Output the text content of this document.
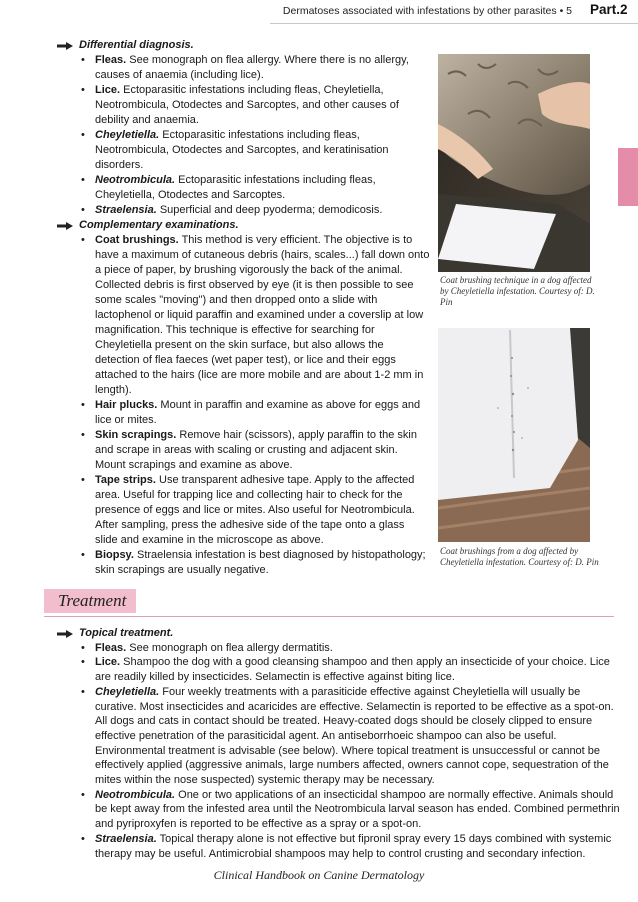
Dermatoses associated with infestations by other parasites • 5 Part.2
Differential diagnosis.
• Fleas. See monograph on flea allergy. Where there is no allergy, causes of anaemia (including lice).
• Lice. Ectoparasitic infestations including fleas, Cheyletiella, Neotrombicula, Otodectes and Sarcoptes, and other causes of debility and anaemia.
• Cheyletiella. Ectoparasitic infestations including fleas, Neotrombicula, Otodectes and Sarcoptes, and keratinisation disorders.
• Neotrombicula. Ectoparasitic infestations including fleas, Cheyletiella, Otodectes and Sarcoptes.
• Straelensia. Superficial and deep pyoderma; demodicosis.
Complementary examinations.
• Coat brushings. This method is very efficient. The objective is to have a maximum of cutaneous debris (hairs, scales...) fall down onto a piece of paper, by brushing vigorously the back of the animal. Collected debris is first observed by eye (it is then possible to see some scales "moving") and then dropped onto a slide with lactophenol or liquid paraffin and examined under a coverslip at low magnification. This technique is effective for searching for Cheyletiella present on the skin surface, but also allows the detection of flea faeces (wet paper test), or lice and their eggs attached to the hairs (lice are more mobile and are about 1-2 mm in length).
• Hair plucks. Mount in paraffin and examine as above for eggs and lice or mites.
• Skin scrapings. Remove hair (scissors), apply paraffin to the skin and scrape in areas with scaling or crusting and adjacent skin. Mount scrapings and examine as above.
• Tape strips. Use transparent adhesive tape. Apply to the affected area. Useful for trapping lice and collecting hair to check for the presence of eggs and lice or mites. Also useful for Neotrombicula. After sampling, press the adhesive side of the tape onto a glass slide and examine in the microscope as above.
• Biopsy. Straelensia infestation is best diagnosed by histopathology; skin scrapings are usually negative.
Coat brushing technique in a dog affected by Cheyletiella infestation. Courtesy of: D. Pin
Coat brushings from a dog affected by Cheyletiella infestation. Courtesy of: D. Pin
Treatment
Topical treatment.
• Fleas. See monograph on flea allergy dermatitis.
• Lice. Shampoo the dog with a good cleansing shampoo and then apply an insecticide of your choice. Lice are readily killed by insecticides. Selamectin is effective against biting lice.
• Cheyletiella. Four weekly treatments with a parasiticide effective against Cheyletiella will usually be curative. Most insecticides and acaricides are effective. Selamectin is reported to be effective as a spot-on. All dogs and cats in contact should be treated. Heavy-coated dogs should be closely clipped to ensure effective penetration of the parasiticidal agent. An antiseborrhoeic shampoo can also be useful. Environmental treatment is advisable (see below). Where topical treatment is unsuccessful or cannot be effectively applied (aggressive animals, large numbers affected, owners cannot cope, sequestration of the mites within the nose suspected) systemic therapy may be necessary.
• Neotrombicula. One or two applications of an insecticidal shampoo are normally effective. Animals should be kept away from the infested area until the Neotrombicula larval season has ended. Combined permethrin and pyriproxyfen is reported to be effective as a spray or a spot-on.
• Straelensia. Topical therapy alone is not effective but fipronil spray every 15 days combined with systemic therapy may be useful. Antimicrobial shampoos may help to control crusting and secondary infection.
Clinical Handbook on Canine Dermatology
